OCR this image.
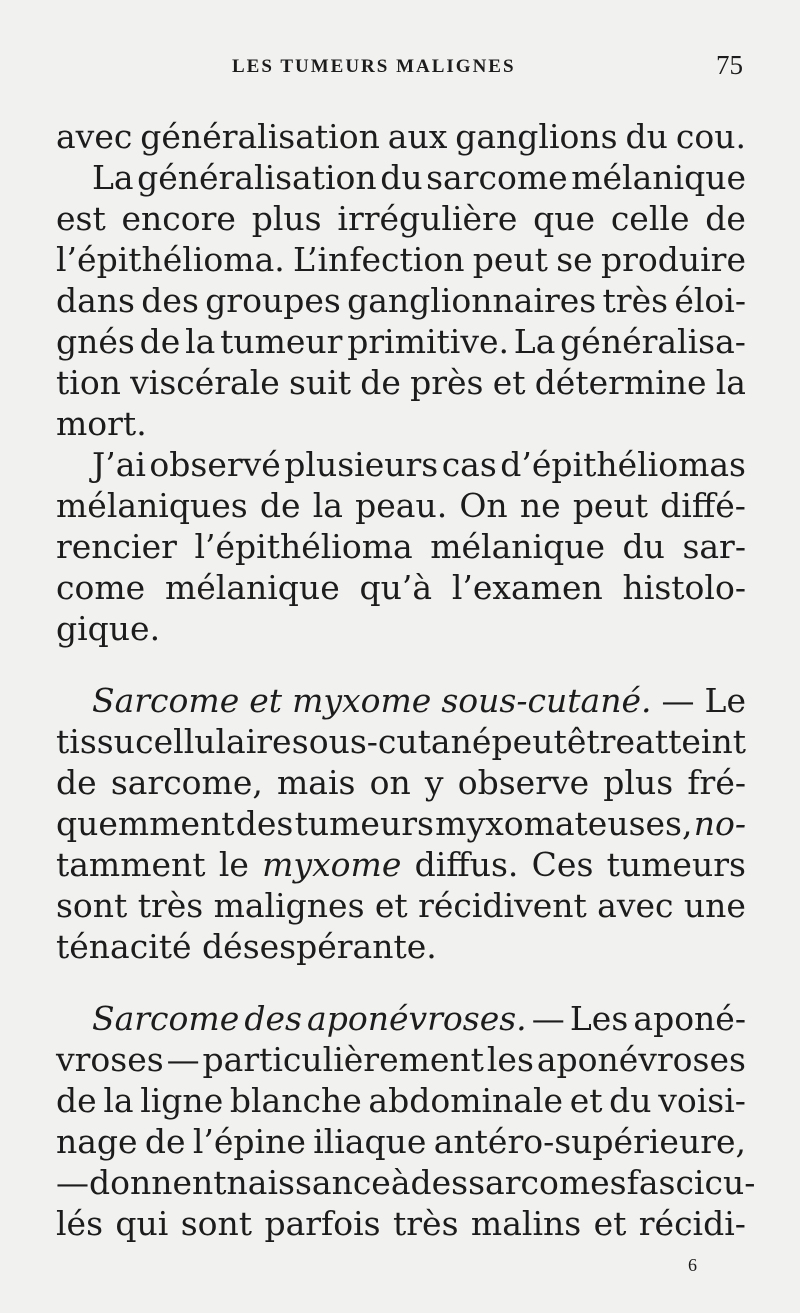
LES TUMEURS MALIGNES	75
avec généralisation aux ganglions du cou.
La généralisation du sarcome mélanique
est encore plus irrégulière que celle de
l’épithélioma. L’infection peut se produire
dans des groupes ganglionnaires très éloi-
gnés de la tumeur primitive. La généralisa-
tion viscérale suit de près et détermine la
mort.
J’ai observé plusieurs cas d’épithéliomas
mélaniques de la peau. On ne peut diffé-
rencier l’épithélioma mélanique du sar-
come mélanique qu’à l’examen histolo-
gique.
Sarcome et myxome sous-cutané. — Le
tissu cellulaire sous-cutané peut être atteint
de sarcome, mais on y observe plus fré-
quemment des tumeurs myxomateuses, no-
tamment le myxome diffus. Ces tumeurs
sont très malignes et récidivent avec une
ténacité désespérante.
Sarcome des aponévroses. — Les aponé-
vroses — particulièrement les aponévroses
de la ligne blanche abdominale et du voisi-
nage de l’épine iliaque antéro-supérieure,
—donnent naissance à des sarcomes fascicu-
lés qui sont parfois très malins et récidi-
6
